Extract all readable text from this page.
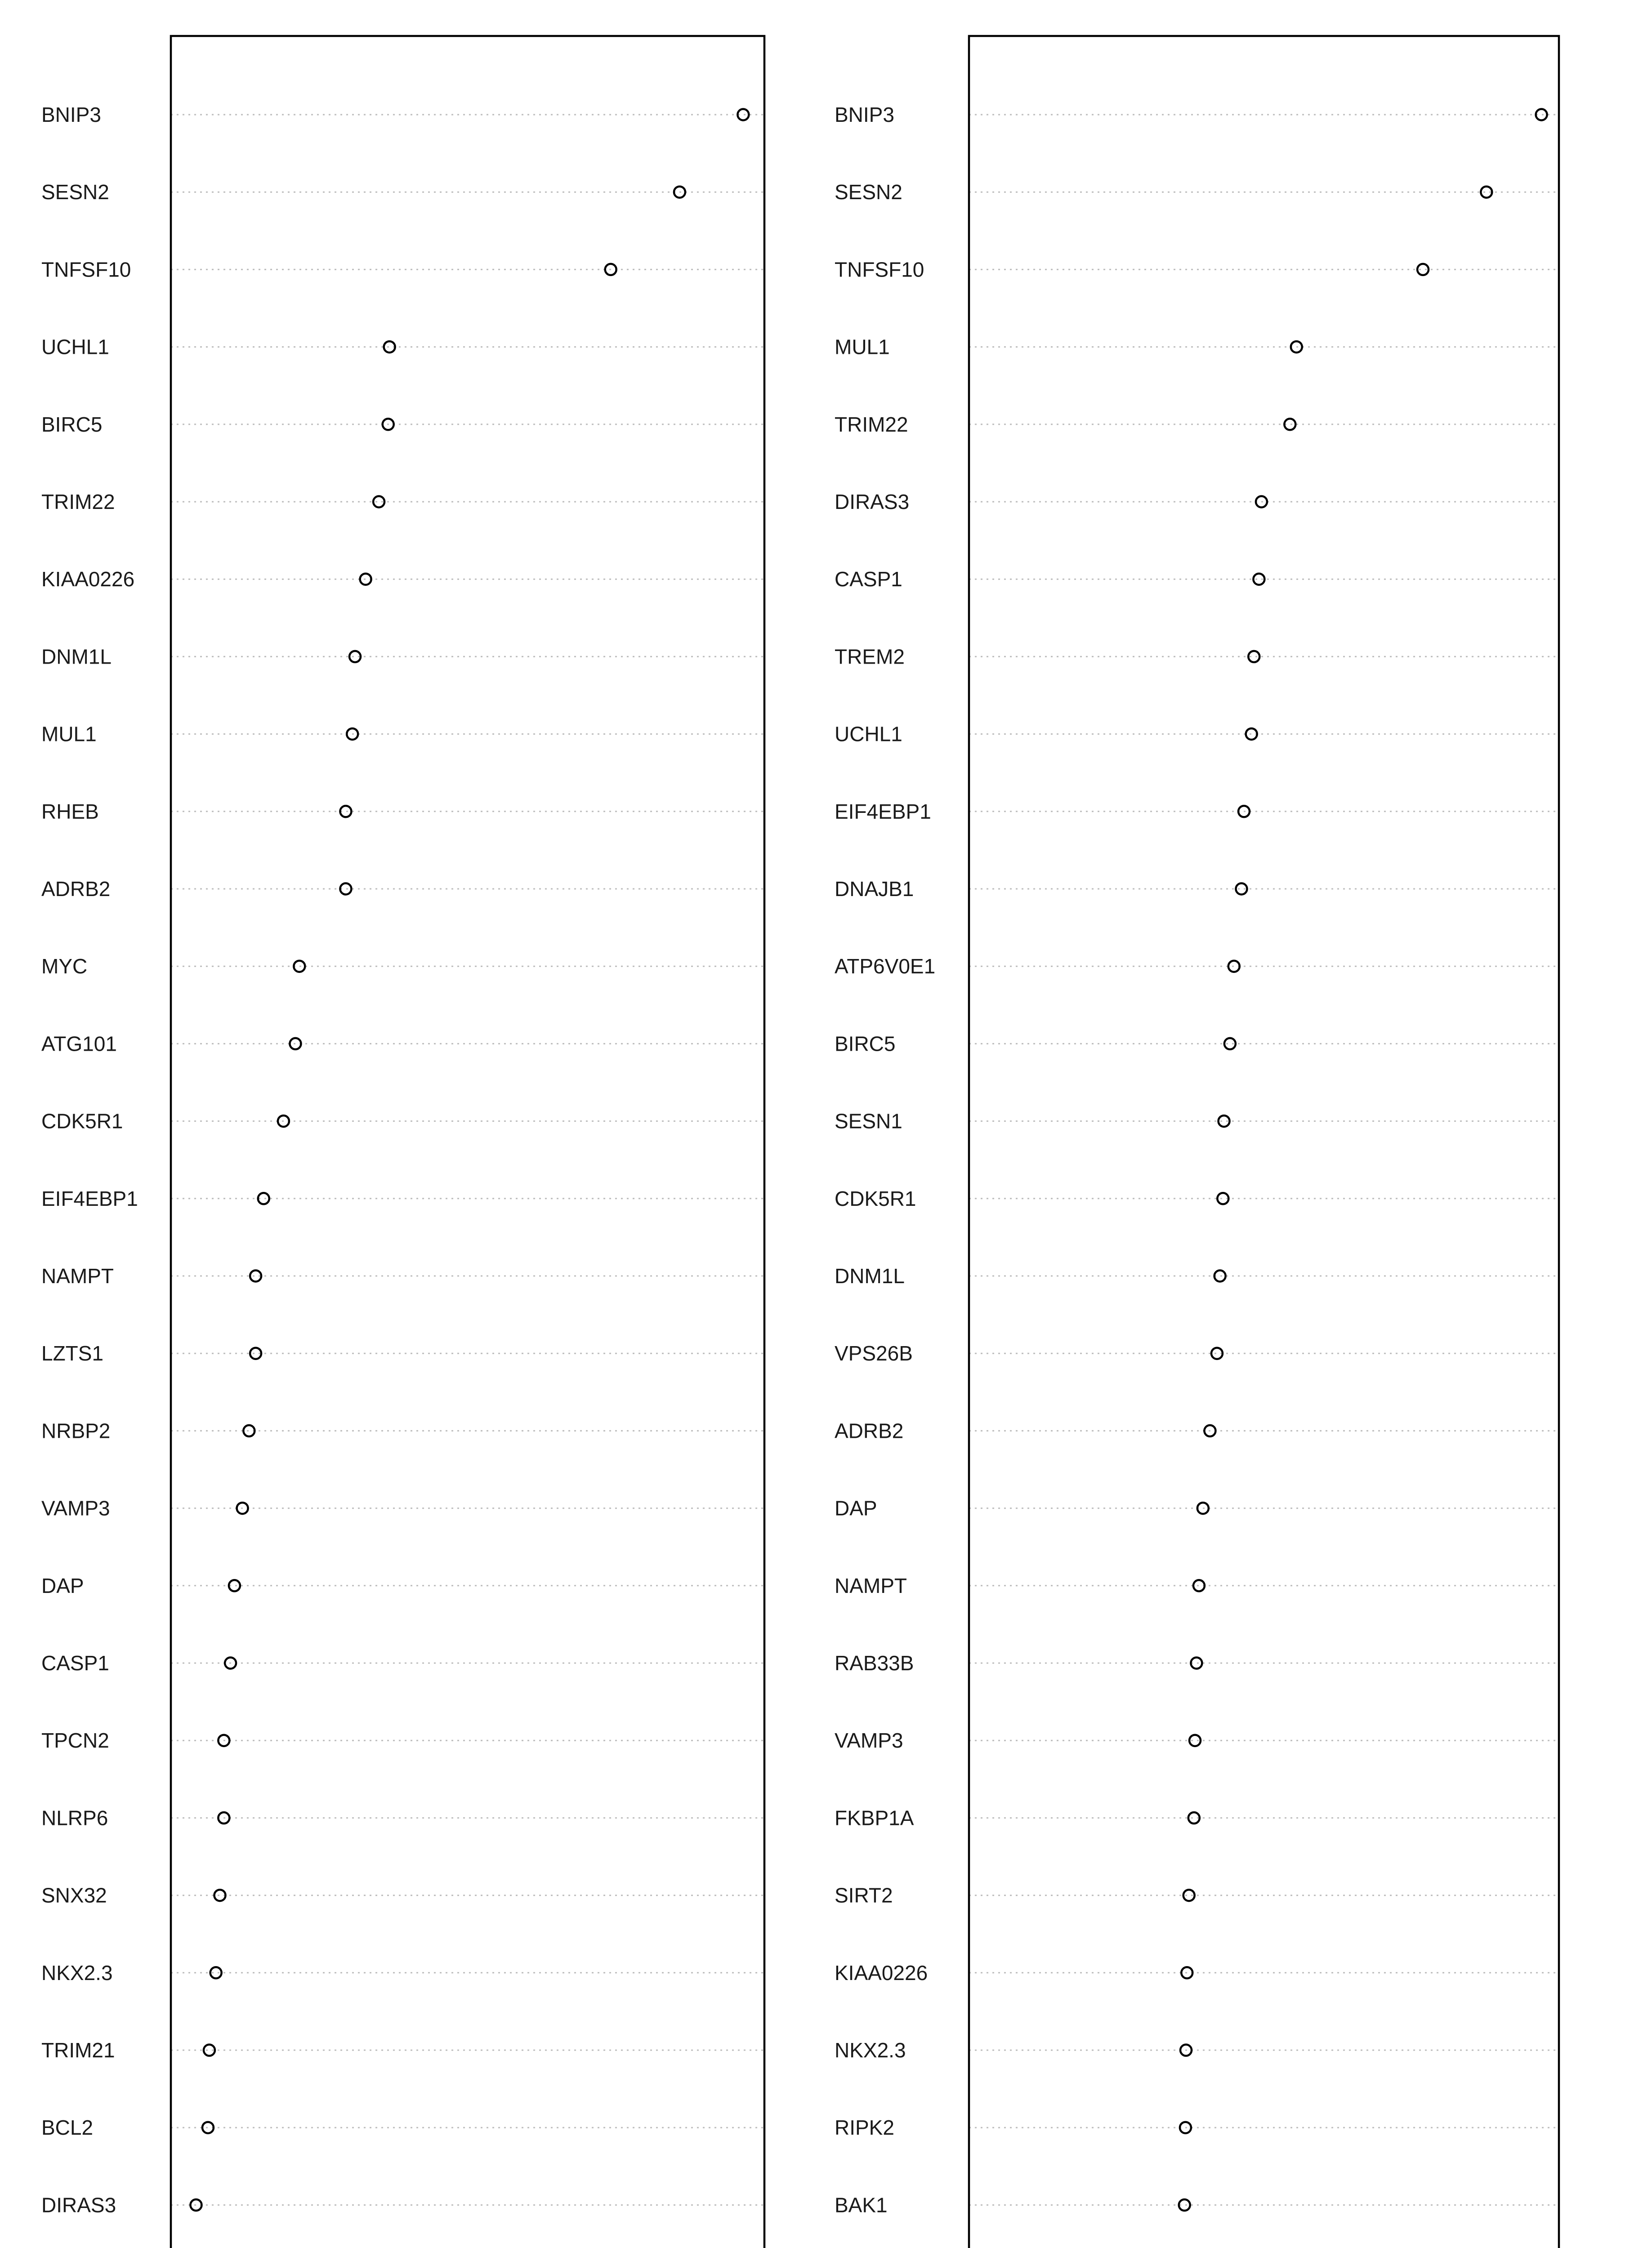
BNIP3
SESN2
TNFSF10
UCHL1
BIRC5
TRIM22
KIAA0226
DNM1L
MUL1
RHEB
ADRB2
MYC
ATG101
CDK5R1
EIF4EBP1
NAMPT
LZTS1
NRBP2
VAMP3
DAP
CASP1
TPCN2
NLRP6
SNX32
NKX2.3
TRIM21
BCL2
DIRAS3
BNIP3
SESN2
TNFSF10
MUL1
TRIM22
DIRAS3
CASP1
TREM2
UCHL1
EIF4EBP1
DNAJB1
ATP6V0E1
BIRC5
SESN1
CDK5R1
DNM1L
VPS26B
ADRB2
DAP
NAMPT
RAB33B
VAMP3
FKBP1A
SIRT2
KIAA0226
NKX2.3
RIPK2
BAK1
